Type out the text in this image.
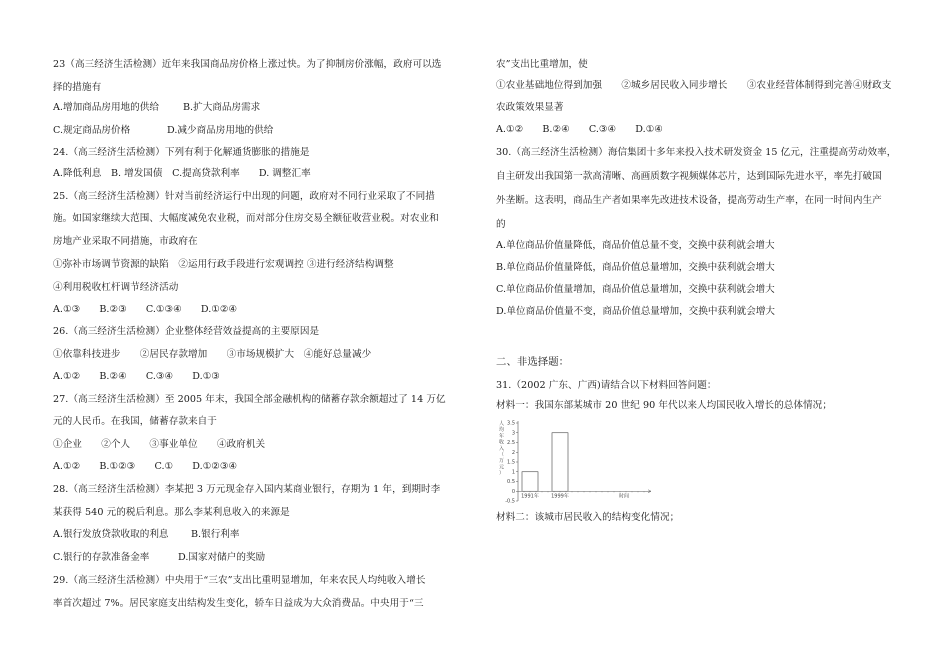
23（高三经济生活检测）近年来我国商品房价格上涨过快。为了抑制房价涨幅，政府可以选
择的措施有
A.增加商品房用地的供给	B.扩大商品房需求
C.规定商品房价格	D.减少商品房用地的供给
24.（高三经济生活检测）下列有利于化解通货膨胀的措施是
A.降低利息　B. 增发国债　C.提高贷款利率　　D. 调整汇率
25.（高三经济生活检测）针对当前经济运行中出现的问题，政府对不同行业采取了不同措
施。如国家继续大范围、大幅度减免农业税，而对部分住房交易全额征收营业税。对农业和
房地产业采取不同措施，市政府在
①弥补市场调节资源的缺陷　②运用行政手段进行宏观调控 ③进行经济结构调整
④利用税收杠杆调节经济活动
A.①③　　B.②③　　C.①③④　　D.①②④
26.（高三经济生活检测）企业整体经营效益提高的主要原因是
①依靠科技进步　　②居民存款增加　　③市场规模扩大　④能好总量减少
A.①②　　B.②④　　C.③④　　D.①③
27.（高三经济生活检测）至 2005 年末，我国全部金融机构的储蓄存款余额超过了 14 万亿
元的人民币。在我国，储蓄存款来自于
①企业　　②个人　　③事业单位　　④政府机关
A.①②　　B.①②③　　C.①　　D.①②③④
28.（高三经济生活检测）李某把 3 万元现金存入国内某商业银行，存期为 1 年，到期时李
某获得 540 元的税后利息。那么李某利息收入的来源是
A.银行发放贷款收取的利息 B.银行利率
C.银行的存款准备金率	D.国家对储户的奖励
29.（高三经济生活检测）中央用于“三农”支出比重明显增加，年来农民人均纯收入增长
率首次超过 7%。居民家庭支出结构发生变化，轿车日益成为大众消费品。中央用于“三
农”支出比重增加，使
①农业基础地位得到加强　　②城乡居民收入同步增长　　③农业经营体制得到完善④财政支
农政策效果显著
A.①②　　B.②④　　C.③④　　D.①④
30.（高三经济生活检测）海信集团十多年来投入技术研发资金 15 亿元，注重提高劳动效率，
自主研发出我国第一款高清晰、高画质数字视频媒体芯片，达到国际先进水平，率先打破国
外垄断。这表明，商品生产者如果率先改进技术设备，提高劳动生产率，在同一时间内生产
的
A.单位商品价值量降低，商品价值总量不变，交换中获利就会增大
B.单位商品价值量降低，商品价值总量增加，交换中获利就会增大
C.单位商品价值量增加，商品价值总量增加，交换中获利就会增大
D.单位商品价值量不变，商品价值总量增加，交换中获利就会增大
二、非选择题：
31.（2002 广东、广西)请结合以下材料回答问题：
材料一：我国东部某城市 20 世纪 90 年代以来人均国民收入增长的总体情况；
3.5
3
2.5
2
1.5
1
0.5
0
-0.5
人均年收入（万元）
1991年 1999年	时间
材料二：该城市居民收入的结构变化情况；
